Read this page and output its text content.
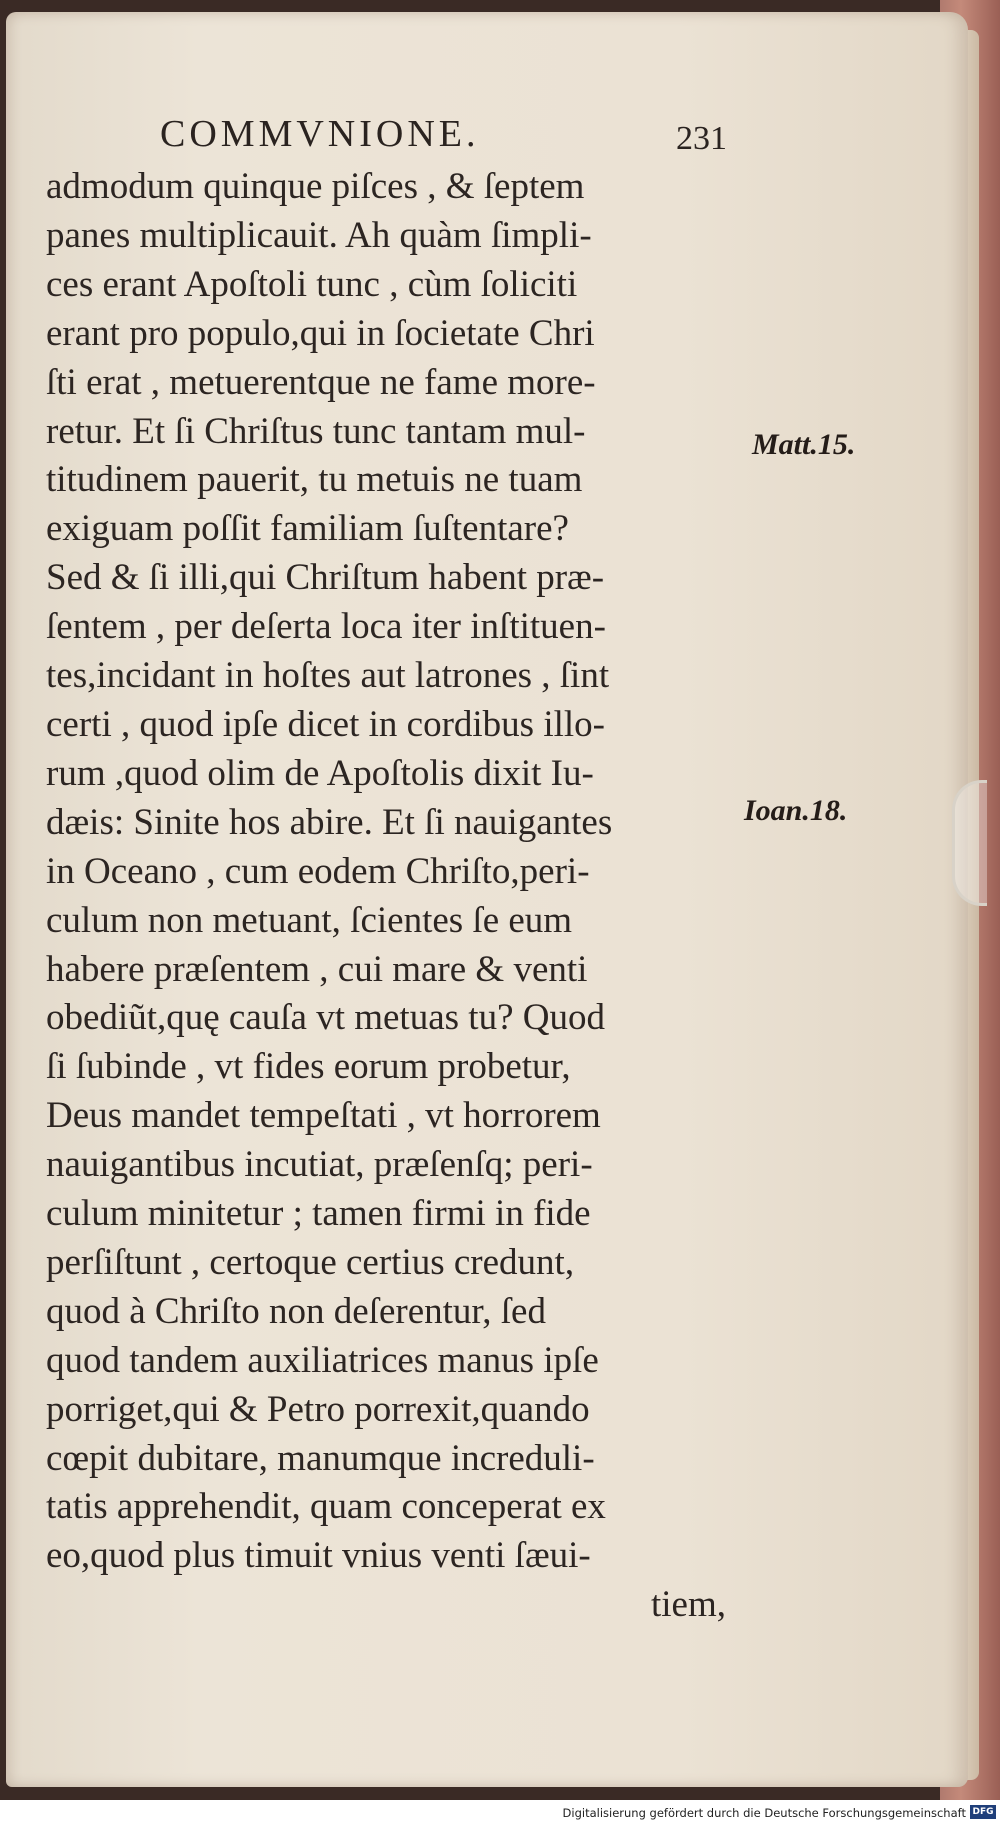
COMMVNIONE.	231
admodum quinque piſces , & ſeptem
panes multiplicauit. Ah quàm ſimpli-
ces erant Apoſtoli tunc , cùm ſoliciti
erant pro populo,qui in ſocietate Chri
ſti erat , metuerentque ne fame more-
retur. Et ſi Chriſtus tunc tantam mul-
titudinem pauerit, tu metuis ne tuam
exiguam poſſit familiam ſuſtentare?
Sed & ſi illi,qui Chriſtum habent præ-
ſentem , per deſerta loca iter inſtituen-
tes,incidant in hoſtes aut latrones , ſint
certi , quod ipſe dicet in cordibus illo-
rum ,quod olim de Apoſtolis dixit Iu-
dæis: Sinite hos abire. Et ſi nauigantes
in Oceano , cum eodem Chriſto,peri-
culum non metuant, ſcientes ſe eum
habere præſentem , cui mare & venti
obediũt,quę cauſa vt metuas tu? Quod
ſi ſubinde , vt fides eorum probetur,
Deus mandet tempeſtati , vt horrorem
nauigantibus incutiat, præſenſq; peri-
culum minitetur ; tamen firmi in fide
perſiſtunt , certoque certius credunt,
quod à Chriſto non deſerentur, ſed
quod tandem auxiliatrices manus ipſe
porriget,qui & Petro porrexit,quando
cœpit dubitare, manumque increduli-
tatis apprehendit, quam conceperat ex
eo,quod plus timuit vnius venti ſæui-
tiem,
Matt.15.
Ioan.18.
Digitalisierung gefördert durch die Deutsche Forschungsgemeinschaft DFG
